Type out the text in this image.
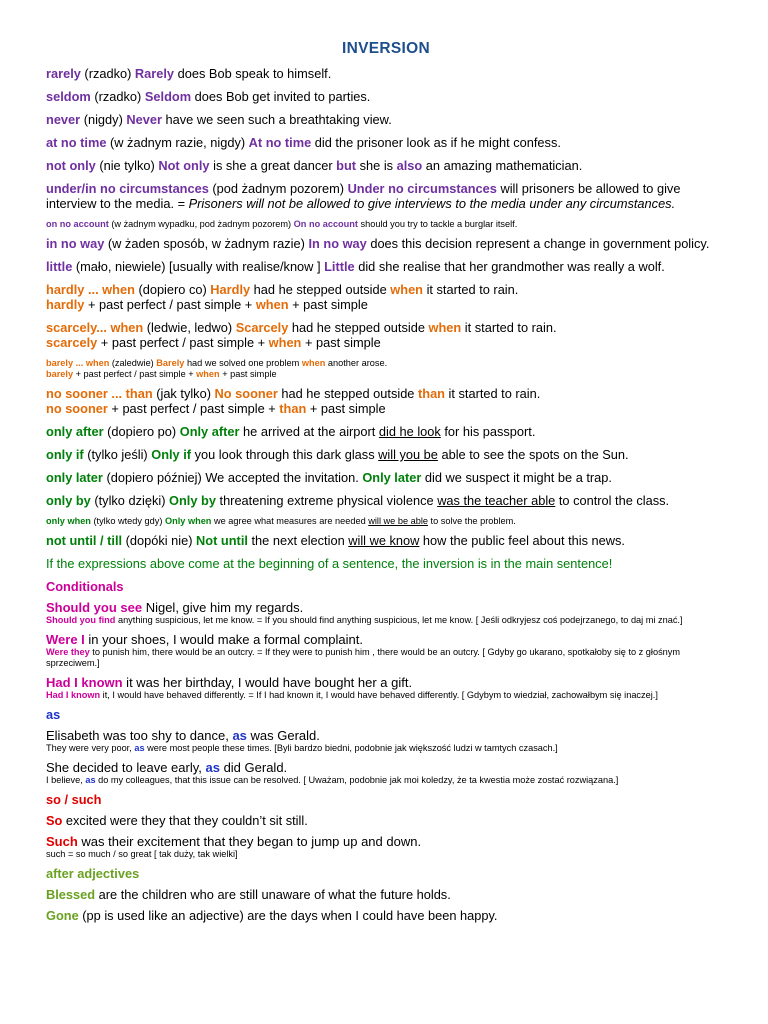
INVERSION
rarely (rzadko) Rarely does Bob speak to himself.
seldom (rzadko) Seldom does Bob get invited to parties.
never (nigdy) Never have we seen such a breathtaking view.
at no time (w żadnym razie, nigdy) At no time did the prisoner look as if he might confess.
not only (nie tylko) Not only is she a great dancer but she is also an amazing mathematician.
under/in no circumstances (pod żadnym pozorem) Under no circumstances will prisoners be allowed to give interview to the media. = Prisoners will not be allowed to give interviews to the media under any circumstances.
on no account (w żadnym wypadku, pod żadnym pozorem) On no account should you try to tackle a burglar itself.
in no way (w żaden sposób, w żadnym razie) In no way does this decision represent a change in government policy.
little (mało, niewiele) [usually with realise/know ] Little did she realise that her grandmother was really a wolf.
hardly ... when (dopiero co) Hardly had he stepped outside when it started to rain.
hardly + past perfect / past simple + when + past simple
scarcely... when (ledwie, ledwo) Scarcely had he stepped outside when it started to rain.
scarcely + past perfect / past simple + when + past simple
barely ... when (zaledwie) Barely had we solved one problem when another arose.
barely + past perfect / past simple + when + past simple
no sooner ... than (jak tylko) No sooner had he stepped outside than it started to rain.
no sooner + past perfect / past simple + than + past simple
only after (dopiero po) Only after he arrived at the airport did he look for his passport.
only if (tylko jeśli) Only if you look through this dark glass will you be able to see the spots on the Sun.
only later (dopiero później) We accepted the invitation. Only later did we suspect it might be a trap.
only by (tylko dzięki) Only by threatening extreme physical violence was the teacher able to control the class.
only when (tylko wtedy gdy) Only when we agree what measures are needed will we be able to solve the problem.
not until / till (dopóki nie) Not until the next election will we know how the public feel about this news.
If the expressions above come at the beginning of a sentence, the inversion is in the main sentence!
Conditionals
Should you see Nigel, give him my regards.
Should you find anything suspicious, let me know. = If you should find anything suspicious, let me know. [ Jeśli odkryjesz coś podejrzanego, to daj mi znać.]
Were I in your shoes, I would make a formal complaint.
Were they to punish him, there would be an outcry. = If they were to punish him , there would be an outcry. [ Gdyby go ukarano, spotkałoby się to z głośnym sprzeciwem.]
Had I known it was her birthday, I would have bought her a gift.
Had I known it, I would have behaved differently. = If I had known it, I would have behaved differently. [ Gdybym to wiedział, zachowałbym się inaczej.]
as
Elisabeth was too shy to dance, as was Gerald.
They were very poor, as were most people these times. [Byli bardzo biedni, podobnie jak większość ludzi w tamtych czasach.]
She decided to leave early, as did Gerald.
I believe, as do my colleagues, that this issue can be resolved. [ Uważam, podobnie jak moi koledzy, że ta kwestia może zostać rozwiązana.]
so / such
So excited were they that they couldn’t sit still.
Such was their excitement that they began to jump up and down.
such = so much / so great [ tak duży, tak wielki]
after adjectives
Blessed are the children who are still unaware of what the future holds.
Gone (pp is used like an adjective) are the days when I could have been happy.
